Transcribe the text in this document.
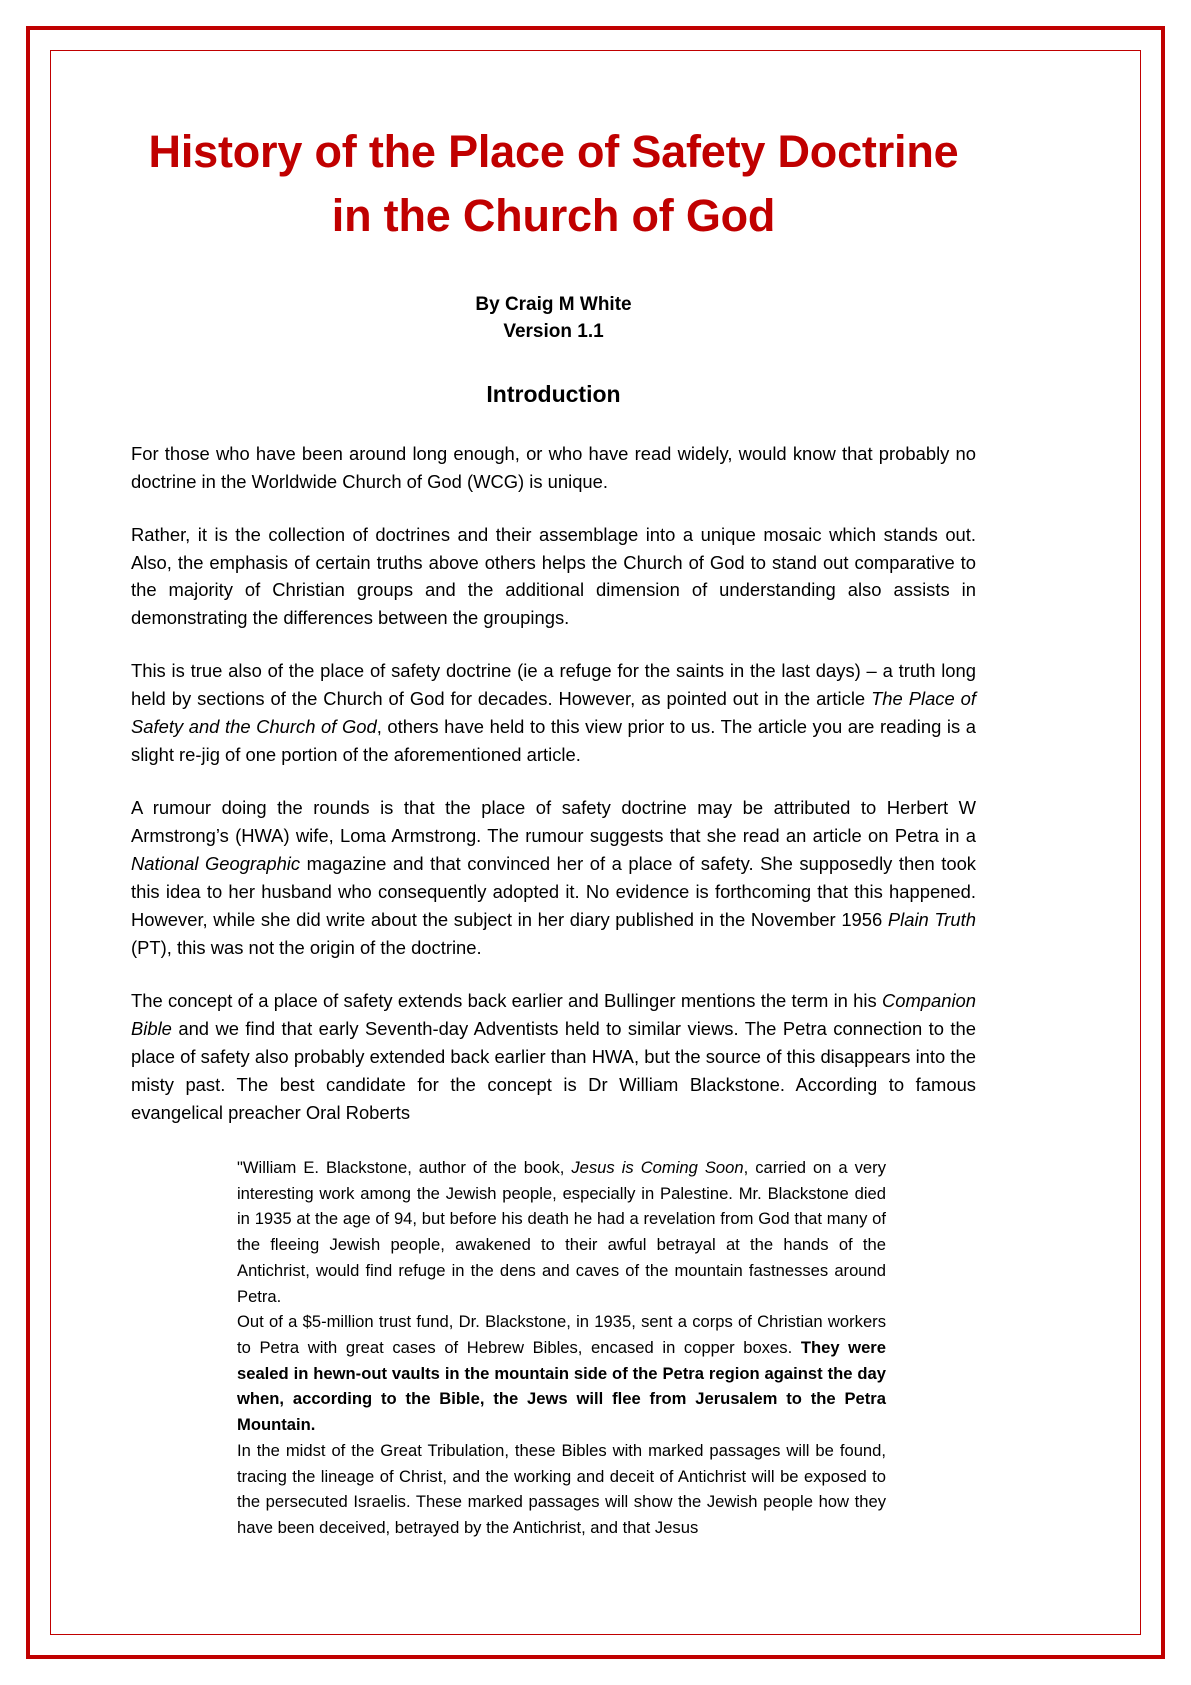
History of the Place of Safety Doctrine
in the Church of God
By Craig M White
Version 1.1
Introduction

For those who have been around long enough, or who have read widely, would know that probably no doctrine in the Worldwide Church of God (WCG) is unique.

Rather, it is the collection of doctrines and their assemblage into a unique mosaic which stands out. Also, the emphasis of certain truths above others helps the Church of God to stand out comparative to the majority of Christian groups and the additional dimension of understanding also assists in demonstrating the differences between the groupings.

This is true also of the place of safety doctrine (ie a refuge for the saints in the last days) – a truth long held by sections of the Church of God for decades. However, as pointed out in the article The Place of Safety and the Church of God, others have held to this view prior to us. The article you are reading is a slight re-jig of one portion of the aforementioned article.

A rumour doing the rounds is that the place of safety doctrine may be attributed to Herbert W Armstrong’s (HWA) wife, Loma Armstrong. The rumour suggests that she read an article on Petra in a National Geographic magazine and that convinced her of a place of safety. She supposedly then took this idea to her husband who consequently adopted it. No evidence is forthcoming that this happened. However, while she did write about the subject in her diary published in the November 1956 Plain Truth (PT), this was not the origin of the doctrine.

The concept of a place of safety extends back earlier and Bullinger mentions the term in his Companion Bible and we find that early Seventh-day Adventists held to similar views. The Petra connection to the place of safety also probably extended back earlier than HWA, but the source of this disappears into the misty past. The best candidate for the concept is Dr William Blackstone. According to famous evangelical preacher Oral Roberts

"William E. Blackstone, author of the book, Jesus is Coming Soon, carried on a very interesting work among the Jewish people, especially in Palestine. Mr. Blackstone died in 1935 at the age of 94, but before his death he had a revelation from God that many of the fleeing Jewish people, awakened to their awful betrayal at the hands of the Antichrist, would find refuge in the dens and caves of the mountain fastnesses around Petra.

Out of a $5-million trust fund, Dr. Blackstone, in 1935, sent a corps of Christian workers to Petra with great cases of Hebrew Bibles, encased in copper boxes. They were sealed in hewn-out vaults in the mountain side of the Petra region against the day when, according to the Bible, the Jews will flee from Jerusalem to the Petra Mountain.

In the midst of the Great Tribulation, these Bibles with marked passages will be found, tracing the lineage of Christ, and the working and deceit of Antichrist will be exposed to the persecuted Israelis. These marked passages will show the Jewish people how they have been deceived, betrayed by the Antichrist, and that Jesus
